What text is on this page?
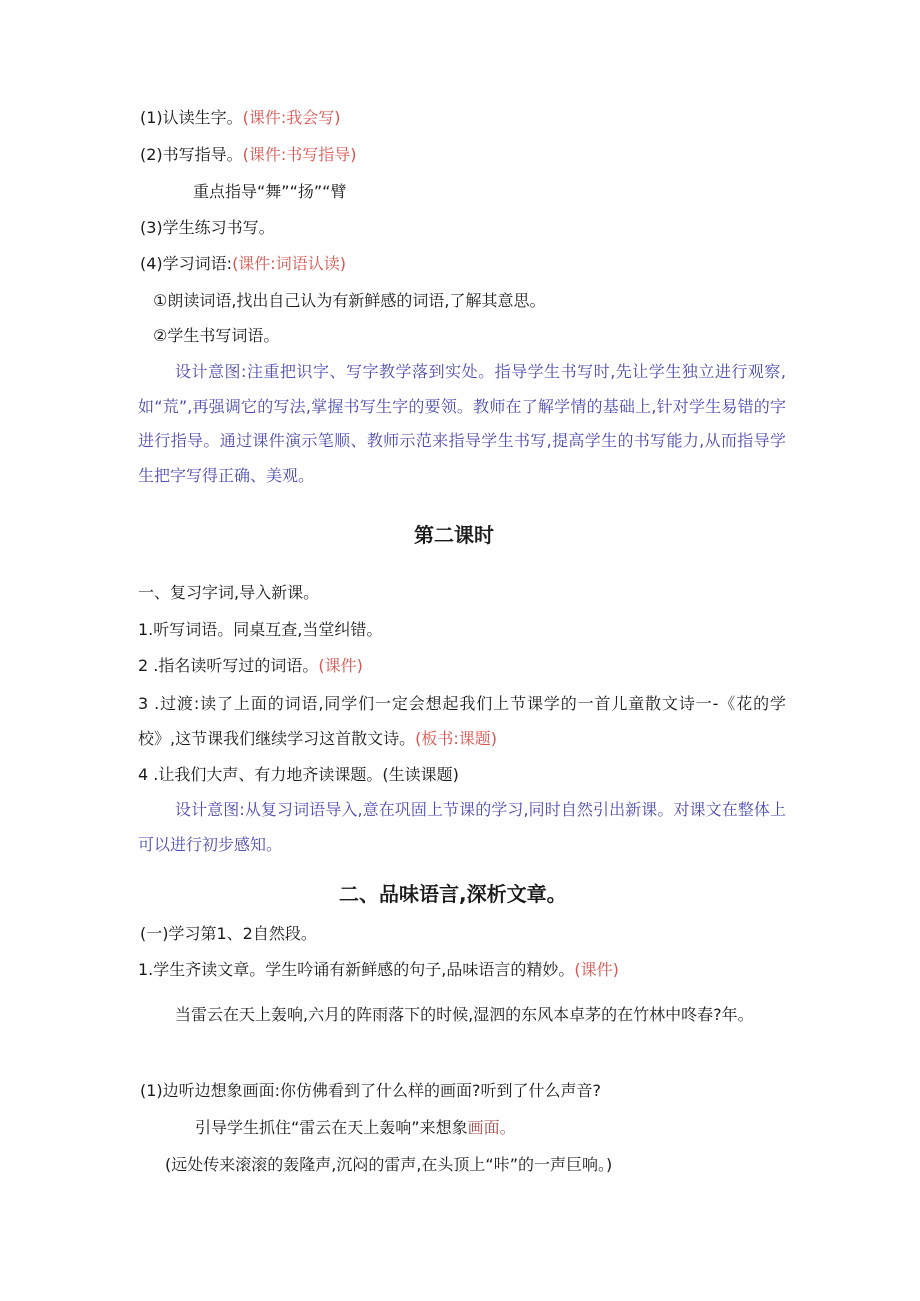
(1)认读生字。(课件:我会写)
(2)书写指导。(课件:书写指导)
重点指导“舞”“扬”“臂
(3)学生练习书写。
(4)学习词语:(课件:词语认读)
①朗读词语,找出自己认为有新鲜感的词语,了解其意思。
②学生书写词语。
设计意图:注重把识字、写字教学落到实处。指导学生书写时,先让学生独立进行观察,如“荒”,再强调它的写法,掌握书写生字的要领。教师在了解学情的基础上,针对学生易错的字进行指导。通过课件演示笔顺、教师示范来指导学生书写,提高学生的书写能力,从而指导学生把字写得正确、美观。
第二课时
一、复习字词,导入新课。
1.听写词语。同桌互查,当堂纠错。
2 .指名读听写过的词语。(课件)
3 .过渡:读了上面的词语,同学们一定会想起我们上节课学的一首儿童散文诗一-《花的学校》,这节课我们继续学习这首散文诗。(板书:课题)
4 .让我们大声、有力地齐读课题。(生读课题)
设计意图:从复习词语导入,意在巩固上节课的学习,同时自然引出新课。对课文在整体上可以进行初步感知。
二、品味语言,深析文章。
(一)学习第1、2自然段。
1.学生齐读文章。学生吟诵有新鲜感的句子,品味语言的精妙。(课件)
当雷云在天上轰响,六月的阵雨落下的时候,湿泗的东风本卓茅的在竹林中咚春?年。
(1)边听边想象画面:你仿佛看到了什么样的画面?听到了什么声音?
引导学生抓住“雷云在天上轰响”来想象画面。
(远处传来滚滚的轰隆声,沉闷的雷声,在头顶上“咔”的一声巨响。)
